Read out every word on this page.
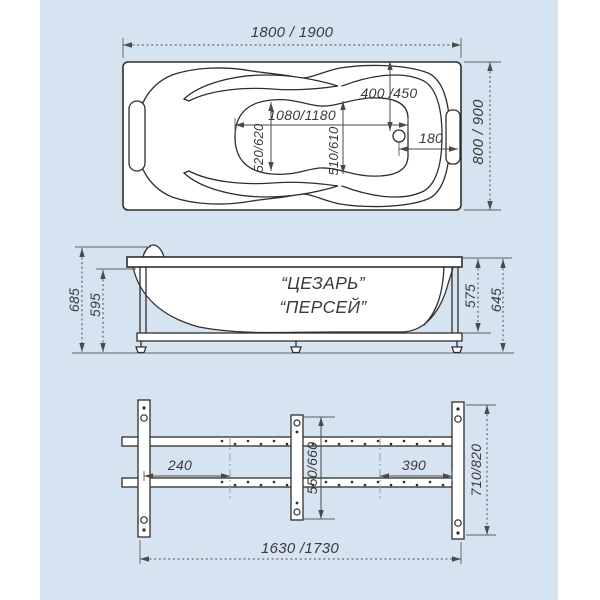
1800 / 1900
800 / 900
1080/1180
520/620	510/610
400 /450
180
685 595	575 645
“ЦЕЗАРЬ”
“ПЕРСЕЙ”
240	390
550/660	710/820
1630 /1730
